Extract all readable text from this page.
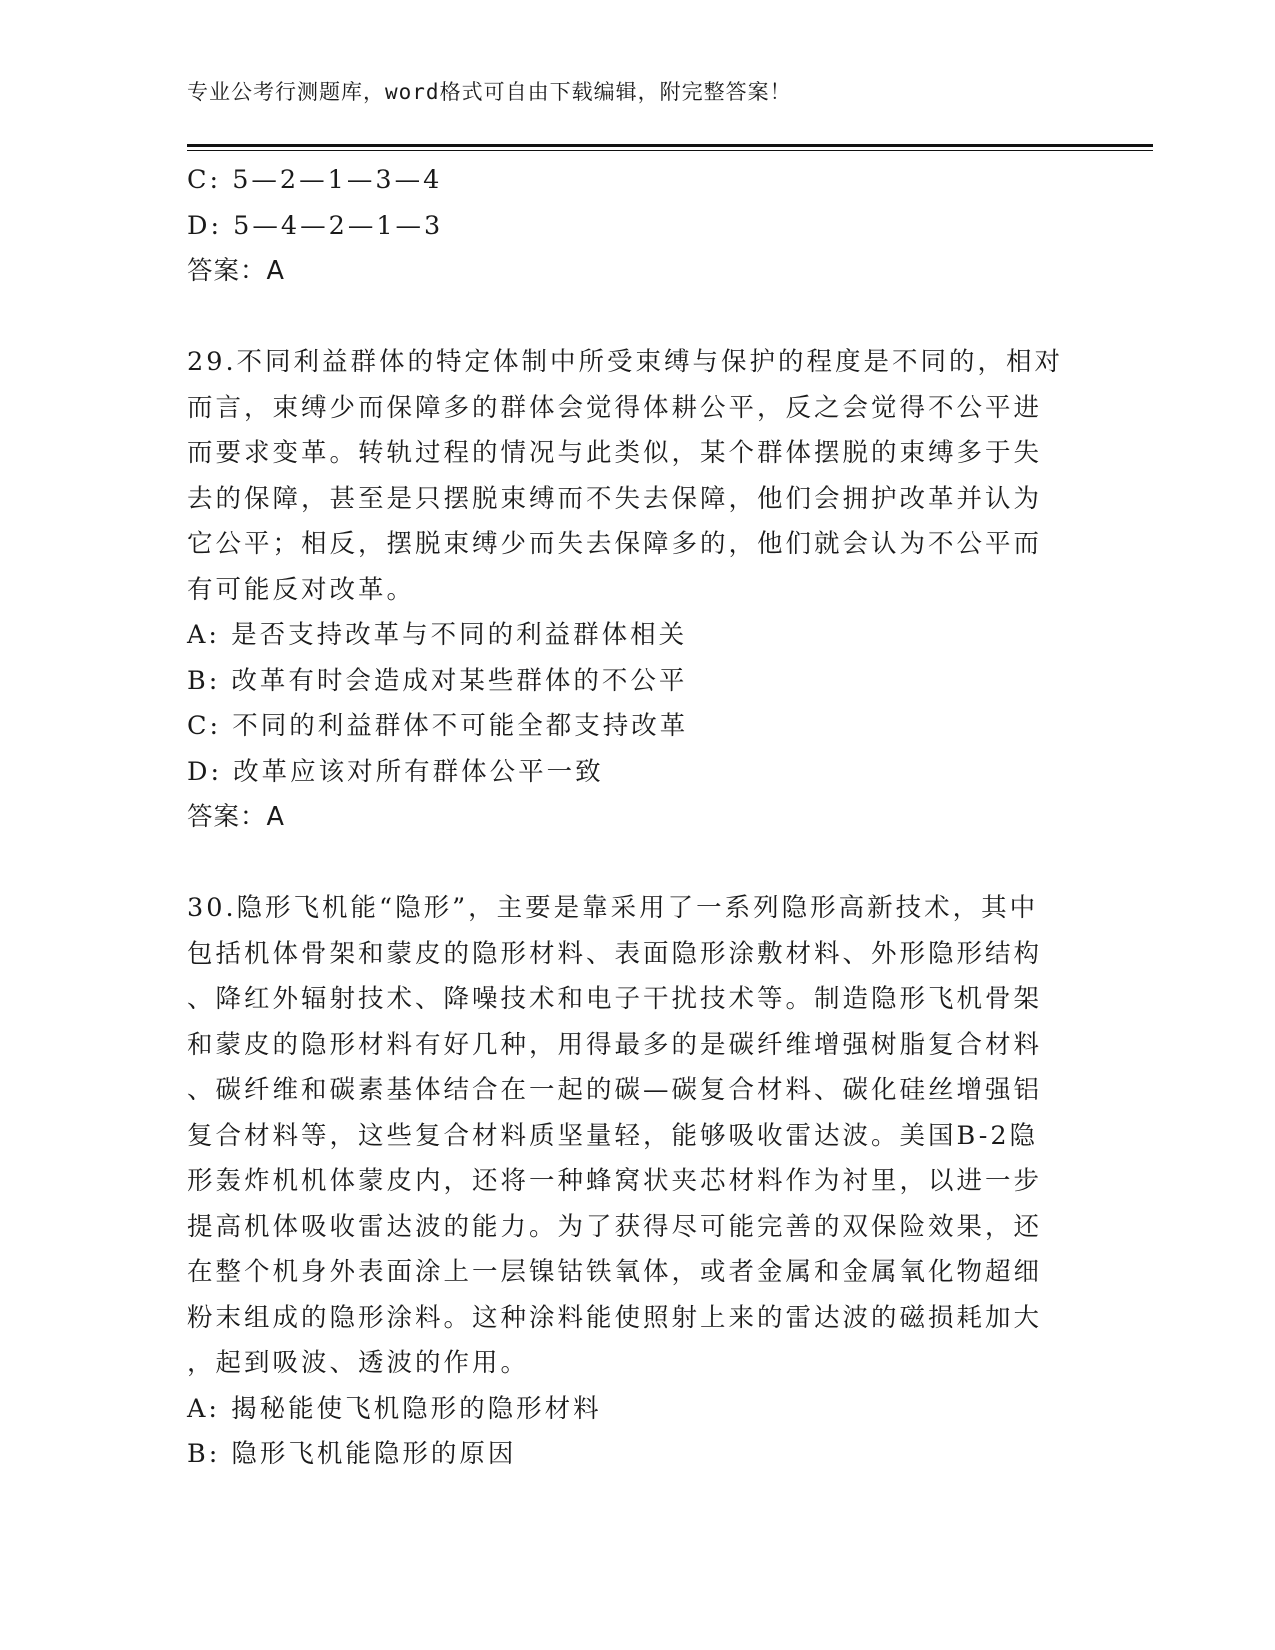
专业公考行测题库，word格式可自由下载编辑，附完整答案！
C: 5—2—1—3—4
D: 5—4—2—1—3
答案：A
29.不同利益群体的特定体制中所受束缚与保护的程度是不同的，相对
而言，束缚少而保障多的群体会觉得体耕公平，反之会觉得不公平进
而要求变革。转轨过程的情况与此类似，某个群体摆脱的束缚多于失
去的保障，甚至是只摆脱束缚而不失去保障，他们会拥护改革并认为
它公平；相反，摆脱束缚少而失去保障多的，他们就会认为不公平而
有可能反对改革。
A: 是否支持改革与不同的利益群体相关
B: 改革有时会造成对某些群体的不公平
C: 不同的利益群体不可能全都支持改革
D: 改革应该对所有群体公平一致
答案：A
30.隐形飞机能“隐形”，主要是靠采用了一系列隐形高新技术，其中
包括机体骨架和蒙皮的隐形材料、表面隐形涂敷材料、外形隐形结构
、降红外辐射技术、降噪技术和电子干扰技术等。制造隐形飞机骨架
和蒙皮的隐形材料有好几种，用得最多的是碳纤维增强树脂复合材料
、碳纤维和碳素基体结合在一起的碳—碳复合材料、碳化硅丝增强铝
复合材料等，这些复合材料质坚量轻，能够吸收雷达波。美国B-2隐
形轰炸机机体蒙皮内，还将一种蜂窝状夹芯材料作为衬里，以进一步
提高机体吸收雷达波的能力。为了获得尽可能完善的双保险效果，还
在整个机身外表面涂上一层镍钴铁氧体，或者金属和金属氧化物超细
粉末组成的隐形涂料。这种涂料能使照射上来的雷达波的磁损耗加大
，起到吸波、透波的作用。
A: 揭秘能使飞机隐形的隐形材料
B: 隐形飞机能隐形的原因
